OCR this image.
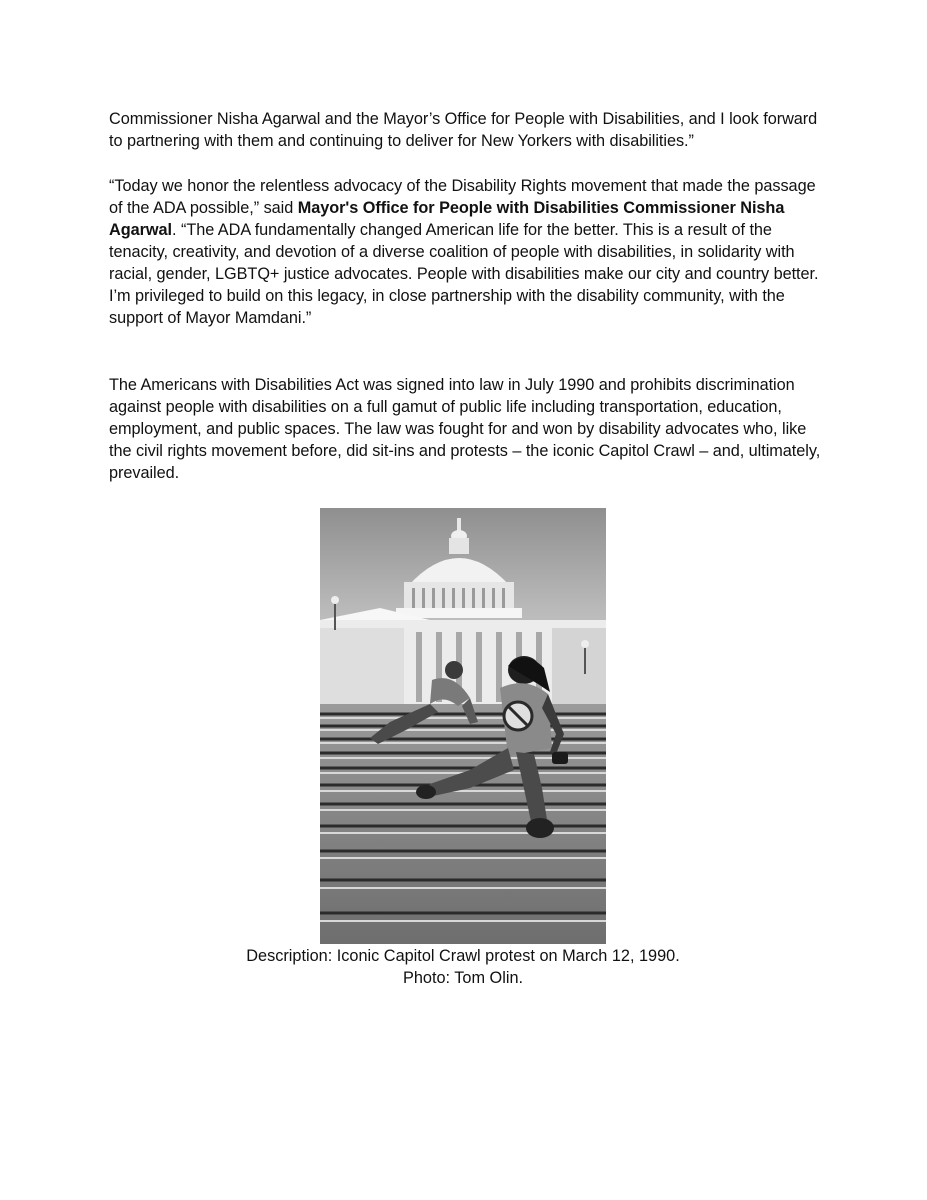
Commissioner Nisha Agarwal and the Mayor’s Office for People with Disabilities, and I look forward to partnering with them and continuing to deliver for New Yorkers with disabilities.”

“Today we honor the relentless advocacy of the Disability Rights movement that made the passage of the ADA possible,” said Mayor's Office for People with Disabilities Commissioner Nisha Agarwal. “The ADA fundamentally changed American life for the better. This is a result of the tenacity, creativity, and devotion of a diverse coalition of people with disabilities, in solidarity with racial, gender, LGBTQ+ justice advocates. People with disabilities make our city and country better. I’m privileged to build on this legacy, in close partnership with the disability community, with the support of Mayor Mamdani.”

The Americans with Disabilities Act was signed into law in July 1990 and prohibits discrimination against people with disabilities on a full gamut of public life including transportation, education, employment, and public spaces. The law was fought for and won by disability advocates who, like the civil rights movement before, did sit-ins and protests – the iconic Capitol Crawl – and, ultimately, prevailed.

Description: Iconic Capitol Crawl protest on March 12, 1990.

Photo: Tom Olin.
